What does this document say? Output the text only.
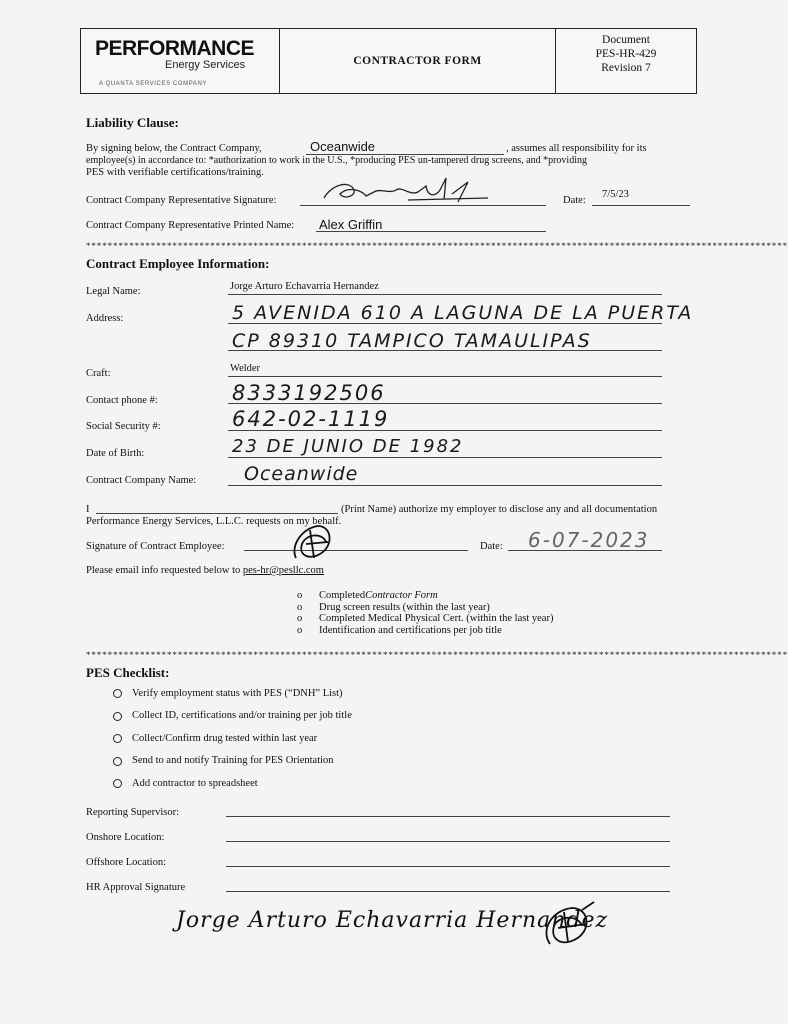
PERFORMANCE
Energy Services
A QUANTA SERVICES COMPANY
CONTRACTOR FORM
Document
PES-HR-429
Revision 7
Liability Clause:
By signing below, the Contract Company,	Oceanwide	, assumes all responsibility for its
employee(s) in accordance to: *authorization to work in the U.S., *producing PES un-tampered drug screens, and *providing
PES with verifiable certifications/training.
Contract Company Representative Signature:	Alex Griffin	Date:
7/5/23
Contract Company Representative Printed Name: Alex Griffin
**********************************************************************************************************************************
Contract Employee Information:
Legal Name:	Jorge Arturo Echavarria Hernandez
Address:	5 AVENIDA 610 A LAGUNA DE LA PUERTA
CP 89310 TAMPICO TAMAULIPAS
Craft:	Welder
Contact phone #:	8333192506
Social Security #:	642-02-1119
Date of Birth:	23 DE JUNIO DE 1982
Contract Company Name:	Oceanwide
I	(Print Name) authorize my employer to disclose any and all documentation
Performance Energy Services, L.L.C. requests on my behalf.
Signature of Contract Employee:
JA
Date: 6-07-2023
Please email info requested below to pes-hr@pesllc.com
o	Completed Contractor Form
o	Drug screen results (within the last year)
o	Completed Medical Physical Cert. (within the last year)
o	Identification and certifications per job title
**********************************************************************************************************************************
PES Checklist:
Verify employment status with PES (“DNH” List)
Collect ID, certifications and/or training per job title
Collect/Confirm drug tested within last year
Send to and notify Training for PES Orientation
Add contractor to spreadsheet
Reporting Supervisor:
Onshore Location:
Offshore Location:
HR Approval Signature
Jorge Arturo Echavarria Hernandez
